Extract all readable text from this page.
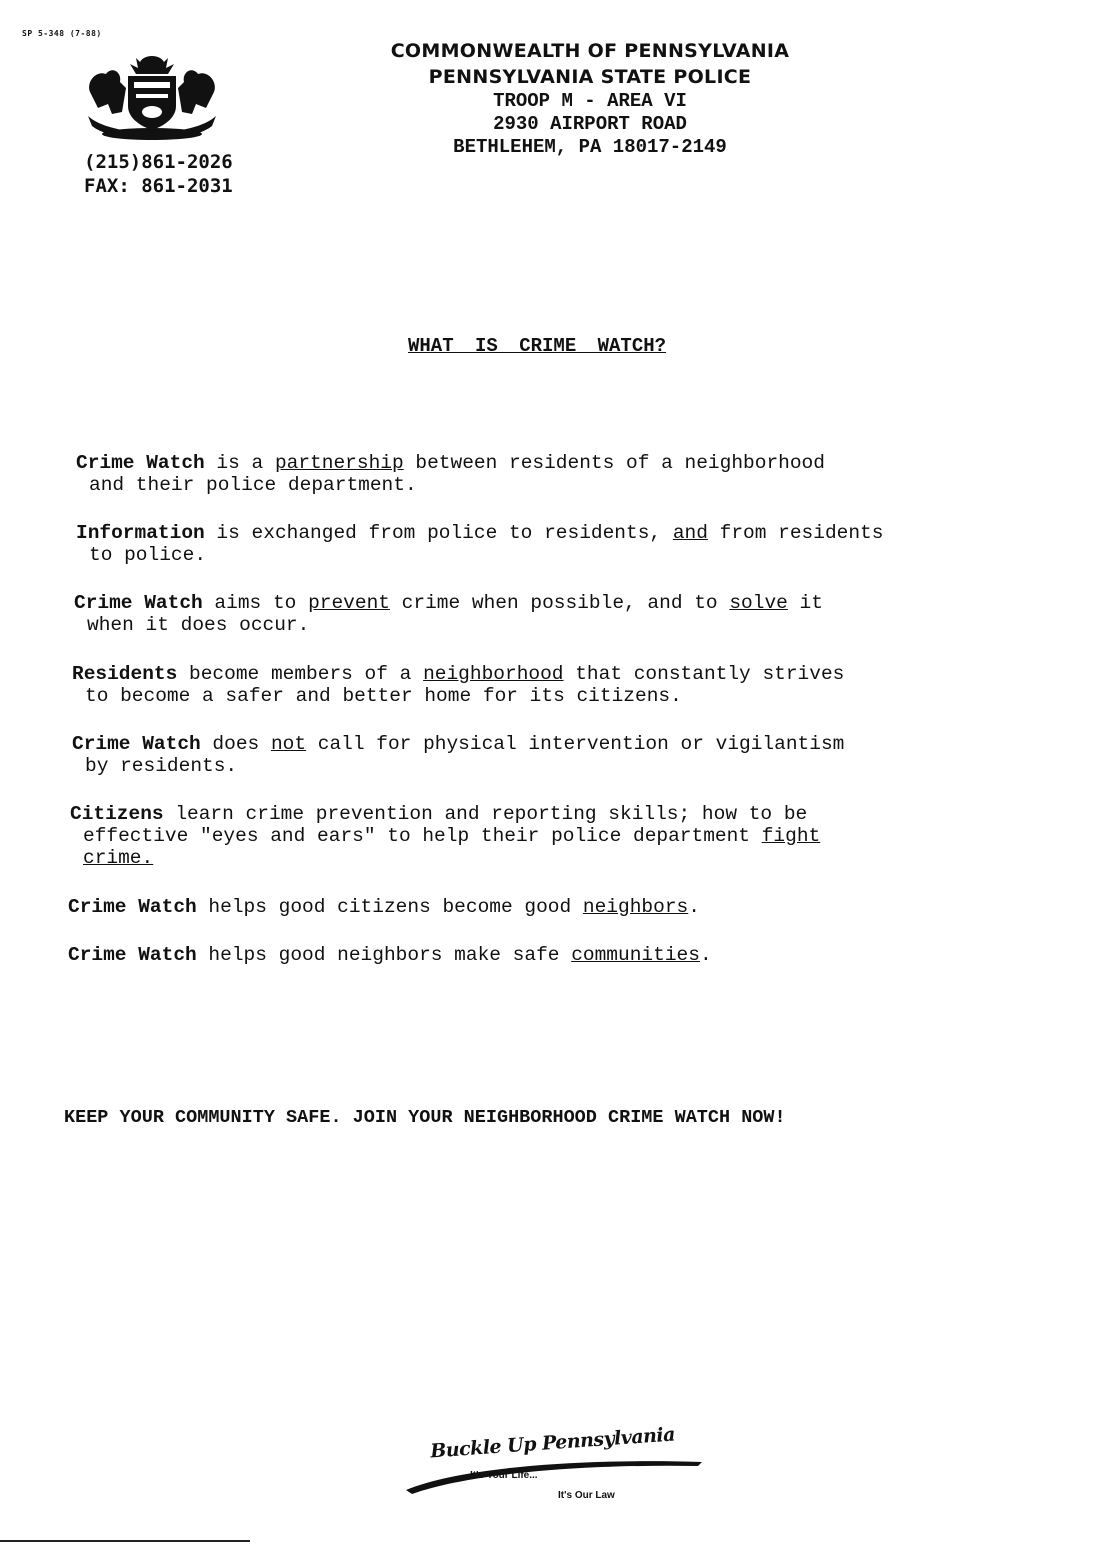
SP 5-348 (7-88)
(215)861-2026
FAX: 861-2031
COMMONWEALTH OF PENNSYLVANIA
PENNSYLVANIA STATE POLICE
TROOP M - AREA VI
2930 AIRPORT ROAD
BETHLEHEM, PA 18017-2149
WHAT IS CRIME WATCH?
Crime Watch is a partnership between residents of a neighborhood
and their police department.
Information is exchanged from police to residents, and from residents
to police.
Crime Watch aims to prevent crime when possible, and to solve it
when it does occur.
Residents become members of a neighborhood that constantly strives
to become a safer and better home for its citizens.
Crime Watch does not call for physical intervention or vigilantism
by residents.
Citizens learn crime prevention and reporting skills; how to be
effective "eyes and ears" to help their police department fight
crime.
Crime Watch helps good citizens become good neighbors.
Crime Watch helps good neighbors make safe communities.
KEEP YOUR COMMUNITY SAFE. JOIN YOUR NEIGHBORHOOD CRIME WATCH NOW!
Buckle Up Pennsylvania
It's Your Life...
It's Our Law
